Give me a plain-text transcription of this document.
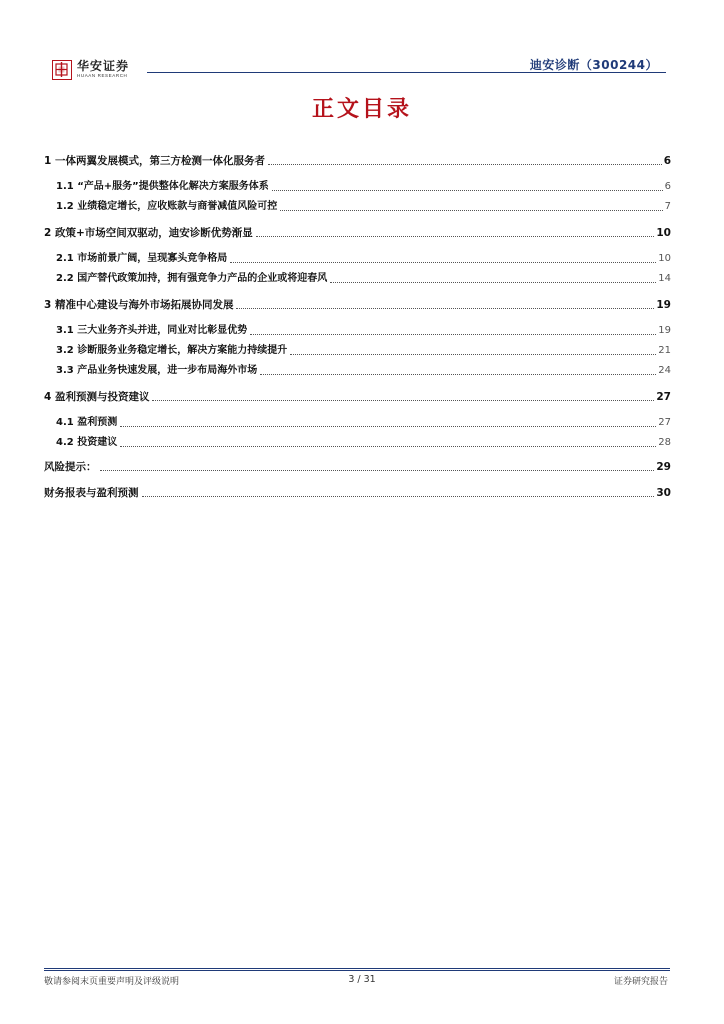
华安证券
HUAAN RESEARCH
迪安诊断（300244）
正文目录
1 一体两翼发展模式，第三方检测一体化服务者	6
1.1 “产品+服务”提供整体化解决方案服务体系	6
1.2 业绩稳定增长，应收账款与商誉减值风险可控	7
2 政策+市场空间双驱动，迪安诊断优势渐显	10
2.1 市场前景广阔，呈现寡头竞争格局	10
2.2 国产替代政策加持，拥有强竞争力产品的企业或将迎春风	14
3 精准中心建设与海外市场拓展协同发展	19
3.1 三大业务齐头并进，同业对比彰显优势	19
3.2 诊断服务业务稳定增长，解决方案能力持续提升	21
3.3 产品业务快速发展，进一步布局海外市场	24
4 盈利预测与投资建议	27
4.1 盈利预测	27
4.2 投资建议	28
风险提示：	29
财务报表与盈利预测	30
敬请参阅末页重要声明及评级说明	3 / 31	证券研究报告
